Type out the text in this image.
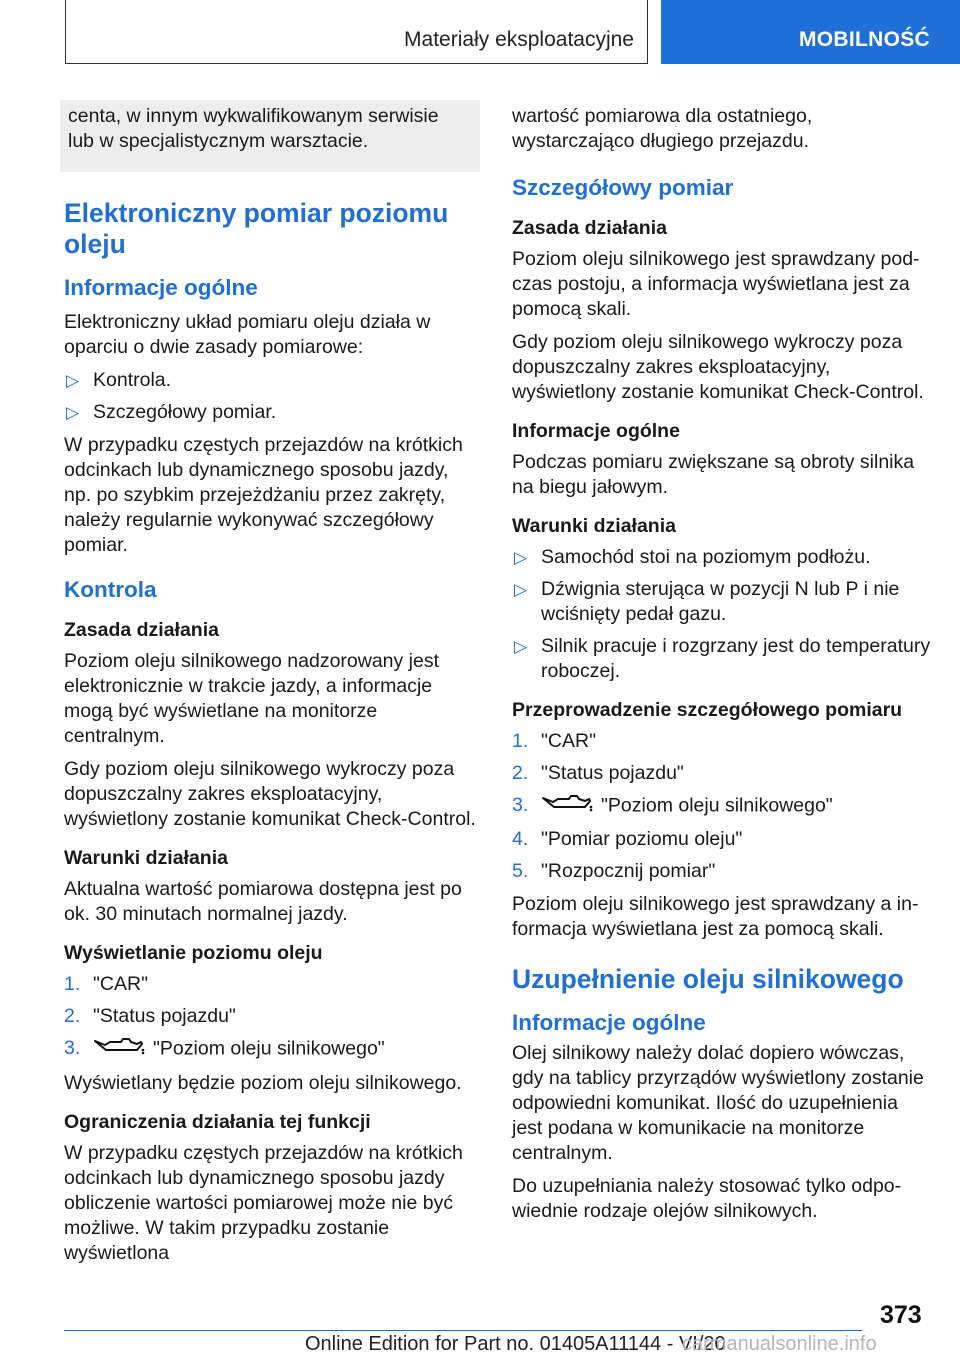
Materiały eksploatacyjne	MOBILNOŚĆ
centa, w innym wykwalifikowanym serwisie lub w specjalistycznym warsztacie.
Elektroniczny pomiar poziomu oleju
Informacje ogólne

Elektroniczny układ pomiaru oleju działa w oparciu o dwie zasady pomiarowe:

▷ Kontrola.
▷ Szczegółowy pomiar.

W przypadku częstych przejazdów na krótkich odcinkach lub dynamicznego sposobu jazdy, np. po szybkim przejeżdżaniu przez zakręty, należy regularnie wykonywać szczegółowy pomiar.

Kontrola
Zasada działania

Poziom oleju silnikowego nadzorowany jest elektronicznie w trakcie jazdy, a informacje mogą być wyświetlane na monitorze centralnym.

Gdy poziom oleju silnikowego wykroczy poza dopuszczalny zakres eksploatacyjny, wyświetlony zostanie komunikat Check-Control.

Warunki działania

Aktualna wartość pomiarowa dostępna jest po ok. 30 minutach normalnej jazdy.

Wyświetlanie poziomu oleju
1. "CAR"
2. "Status pojazdu"
3.	"Poziom oleju silnikowego"

Wyświetlany będzie poziom oleju silnikowego.

Ograniczenia działania tej funkcji

W przypadku częstych przejazdów na krótkich odcinkach lub dynamicznego sposobu jazdy obliczenie wartości pomiarowej może nie być możliwe. W takim przypadku zostanie wyświetlona

wartość pomiarowa dla ostatniego, wystarczająco długiego przejazdu.

Szczegółowy pomiar
Zasada działania

Poziom oleju silnikowego jest sprawdzany podczas postoju, a informacja wyświetlana jest za pomocą skali.

Gdy poziom oleju silnikowego wykroczy poza dopuszczalny zakres eksploatacyjny, wyświetlony zostanie komunikat Check-Control.

Informacje ogólne

Podczas pomiaru zwiększane są obroty silnika na biegu jałowym.

Warunki działania
▷ Samochód stoi na poziomym podłożu.
▷ Dźwignia sterująca w pozycji N lub P i nie wciśnięty pedał gazu.
▷ Silnik pracuje i rozgrzany jest do temperatury roboczej.
Przeprowadzenie szczegółowego pomiaru
1. "CAR"
2. "Status pojazdu"
3.	"Poziom oleju silnikowego"
4. "Pomiar poziomu oleju"
5. "Rozpocznij pomiar"

Poziom oleju silnikowego jest sprawdzany a informacja wyświetlana jest za pomocą skali.

Uzupełnienie oleju silnikowego
Informacje ogólne

Olej silnikowy należy dolać dopiero wówczas, gdy na tablicy przyrządów wyświetlony zostanie odpowiedni komunikat. Ilość do uzupełnienia jest podana w komunikacie na monitorze centralnym.

Do uzupełniania należy stosować tylko odpowiednie rodzaje olejów silnikowych.

373
Online Edition for Part no. 01405A11144 - VI/20
carmanualsonline.info
